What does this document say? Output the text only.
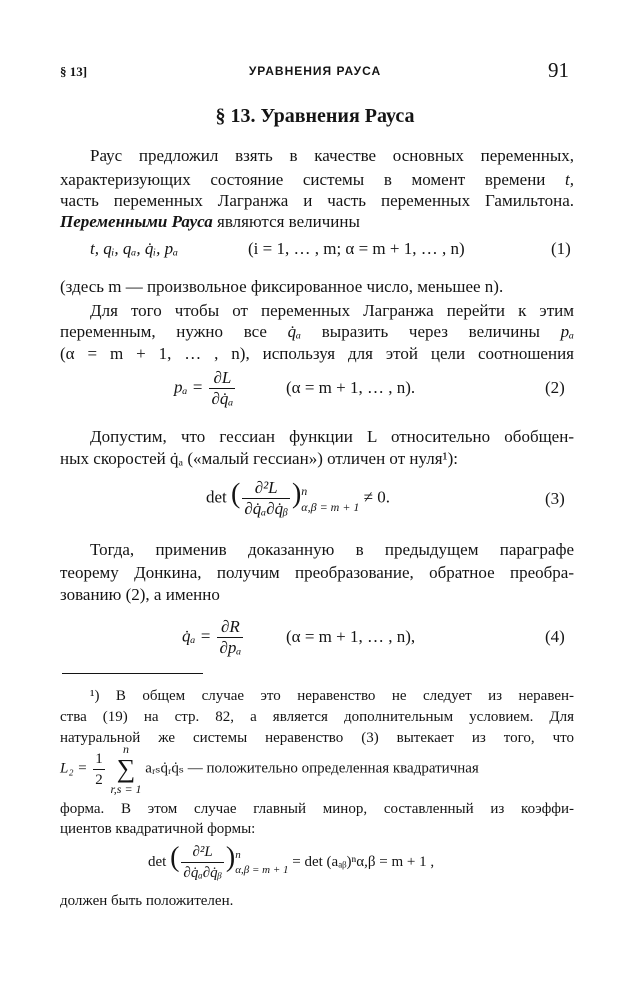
§ 13]	УРАВНЕНИЯ РАУСА	91
§ 13. Уравнения Рауса
Раус предложил взять в качестве основных переменных,
характеризующих состояние системы в момент времени t,
часть переменных Лагранжа и часть переменных Гамильтона.
Переменными Рауса являются величины
t, qᵢ, qₐ, q̇ᵢ, pₐ	(i = 1, … , m; α = m + 1, … , n)	(1)
(здесь m — произвольное фиксированное число, меньшее n).
Для того чтобы от переменных Лагранжа перейти к этим
переменным, нужно все q̇ₐ выразить через величины pₐ
(α = m + 1, … , n), используя для этой цели соотношения
$p_a = \frac{\partial L}{\text{∂q̇ₐ}}$	(α = m + 1, … , n).	(2)
Допустим, что гессиан функции L относительно обобщен-
ных скоростей q̇ₐ («малый гессиан») отличен от нуля¹):
det ( $\frac{\text{∂²L}}{\text{∂q̇ₐ∂q̇ᵦ}}$ ) n
α,β = m + 1
≠ 0.	(3)
Тогда, применив доказанную в предыдущем параграфе
теорему Донкина, получим преобразование, обратное преобра-
зованию (2), а именно
q̇ₐ = $\frac{\partial R}{\text{∂pₐ}}$	(α = m + 1, … , n),	(4)
¹) В общем случае это неравенство не следует из неравен-
ства (19) на стр. 82, а является дополнительным условием. Для
натуральной же системы неравенство (3) вытекает из того, что
$L_2 = \frac{1}{2}$
	n
∑
r,s = 1
aᵣₛq̇ᵣq̇ₛ — положительно определенная квадратичная
форма. В этом случае главный минор, составленный из коэффи-
циентов квадратичной формы:
det ( $\frac{\text{∂²L}}{\text{∂q̇ₐ∂q̇ᵦ}}$ ) n
α,β = m + 1 = det (aₐᵦ)ⁿα,β = m + 1 ,
должен быть положителен.
